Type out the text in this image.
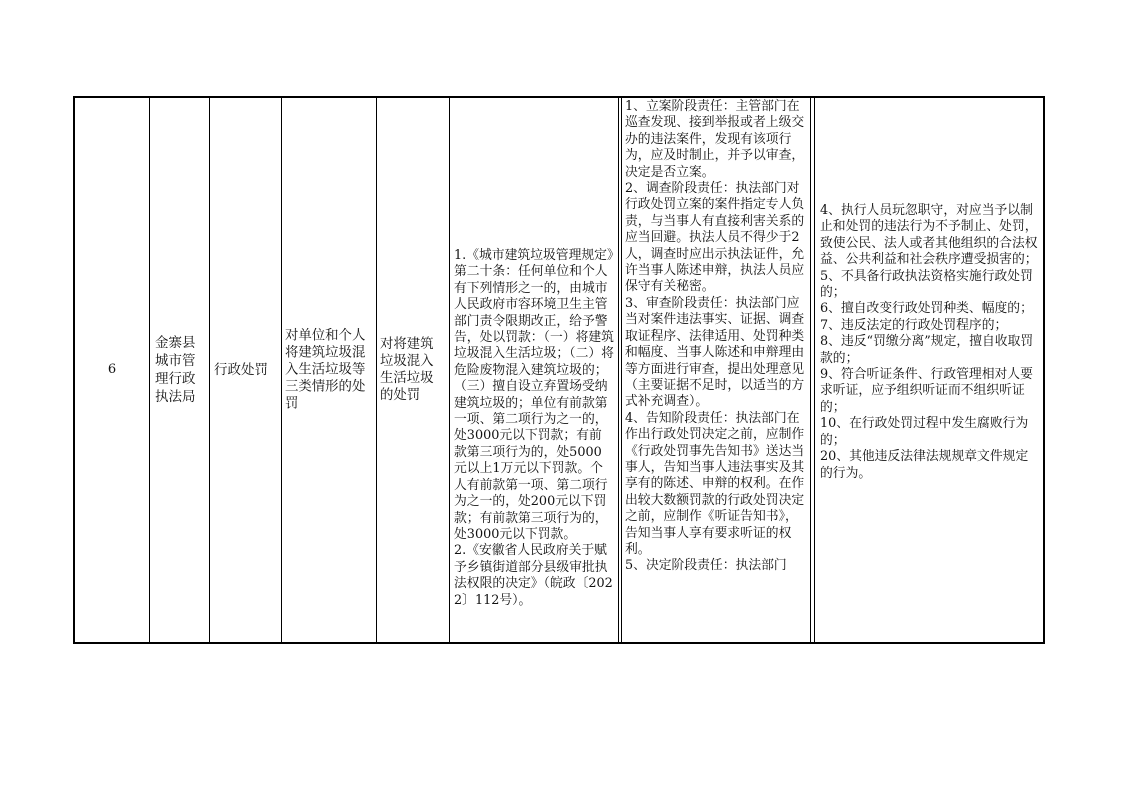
6
金寨县城市管理行政执法局
行政处罚
对单位和个人将建筑垃圾混入生活垃圾等三类情形的处罚
对将建筑垃圾混入生活垃圾的处罚
1.《城市建筑垃圾管理规定》第二十条：任何单位和个人有下列情形之一的，由城市人民政府市容环境卫生主管部门责令限期改正，给予警告，处以罚款：（一）将建筑垃圾混入生活垃圾；（二）将危险废物混入建筑垃圾的；（三）擅自设立弃置场受纳建筑垃圾的；单位有前款第一项、第二项行为之一的，处3000元以下罚款；有前款第三项行为的，处5000元以上1万元以下罚款。个人有前款第一项、第二项行为之一的，处200元以下罚款；有前款第三项行为的，处3000元以下罚款。
2.《安徽省人民政府关于赋予乡镇街道部分县级审批执法权限的决定》（皖政〔2022〕112号）。
1、立案阶段责任：主管部门在巡查发现、接到举报或者上级交办的违法案件，发现有该项行为，应及时制止，并予以审查，决定是否立案。
2、调查阶段责任：执法部门对行政处罚立案的案件指定专人负责，与当事人有直接利害关系的应当回避。执法人员不得少于2人，调查时应出示执法证件，允许当事人陈述申辩，执法人员应保守有关秘密。
3、审查阶段责任：执法部门应当对案件违法事实、证据、调查取证程序、法律适用、处罚种类和幅度、当事人陈述和申辩理由等方面进行审查，提出处理意见（主要证据不足时，以适当的方式补充调查）。
4、告知阶段责任：执法部门在作出行政处罚决定之前，应制作《行政处罚事先告知书》送达当事人，告知当事人违法事实及其享有的陈述、申辩的权利。在作出较大数额罚款的行政处罚决定之前，应制作《听证告知书》，告知当事人享有要求听证的权利。
5、决定阶段责任：执法部门
4、执行人员玩忽职守，对应当予以制止和处罚的违法行为不予制止、处罚，致使公民、法人或者其他组织的合法权益、公共利益和社会秩序遭受损害的；
5、不具备行政执法资格实施行政处罚的；
6、擅自改变行政处罚种类、幅度的；
7、违反法定的行政处罚程序的；
8、违反“罚缴分离”规定，擅自收取罚款的；
9、符合听证条件、行政管理相对人要求听证，应予组织听证而不组织听证的；
10、在行政处罚过程中发生腐败行为的；
20、其他违反法律法规规章文件规定的行为。
